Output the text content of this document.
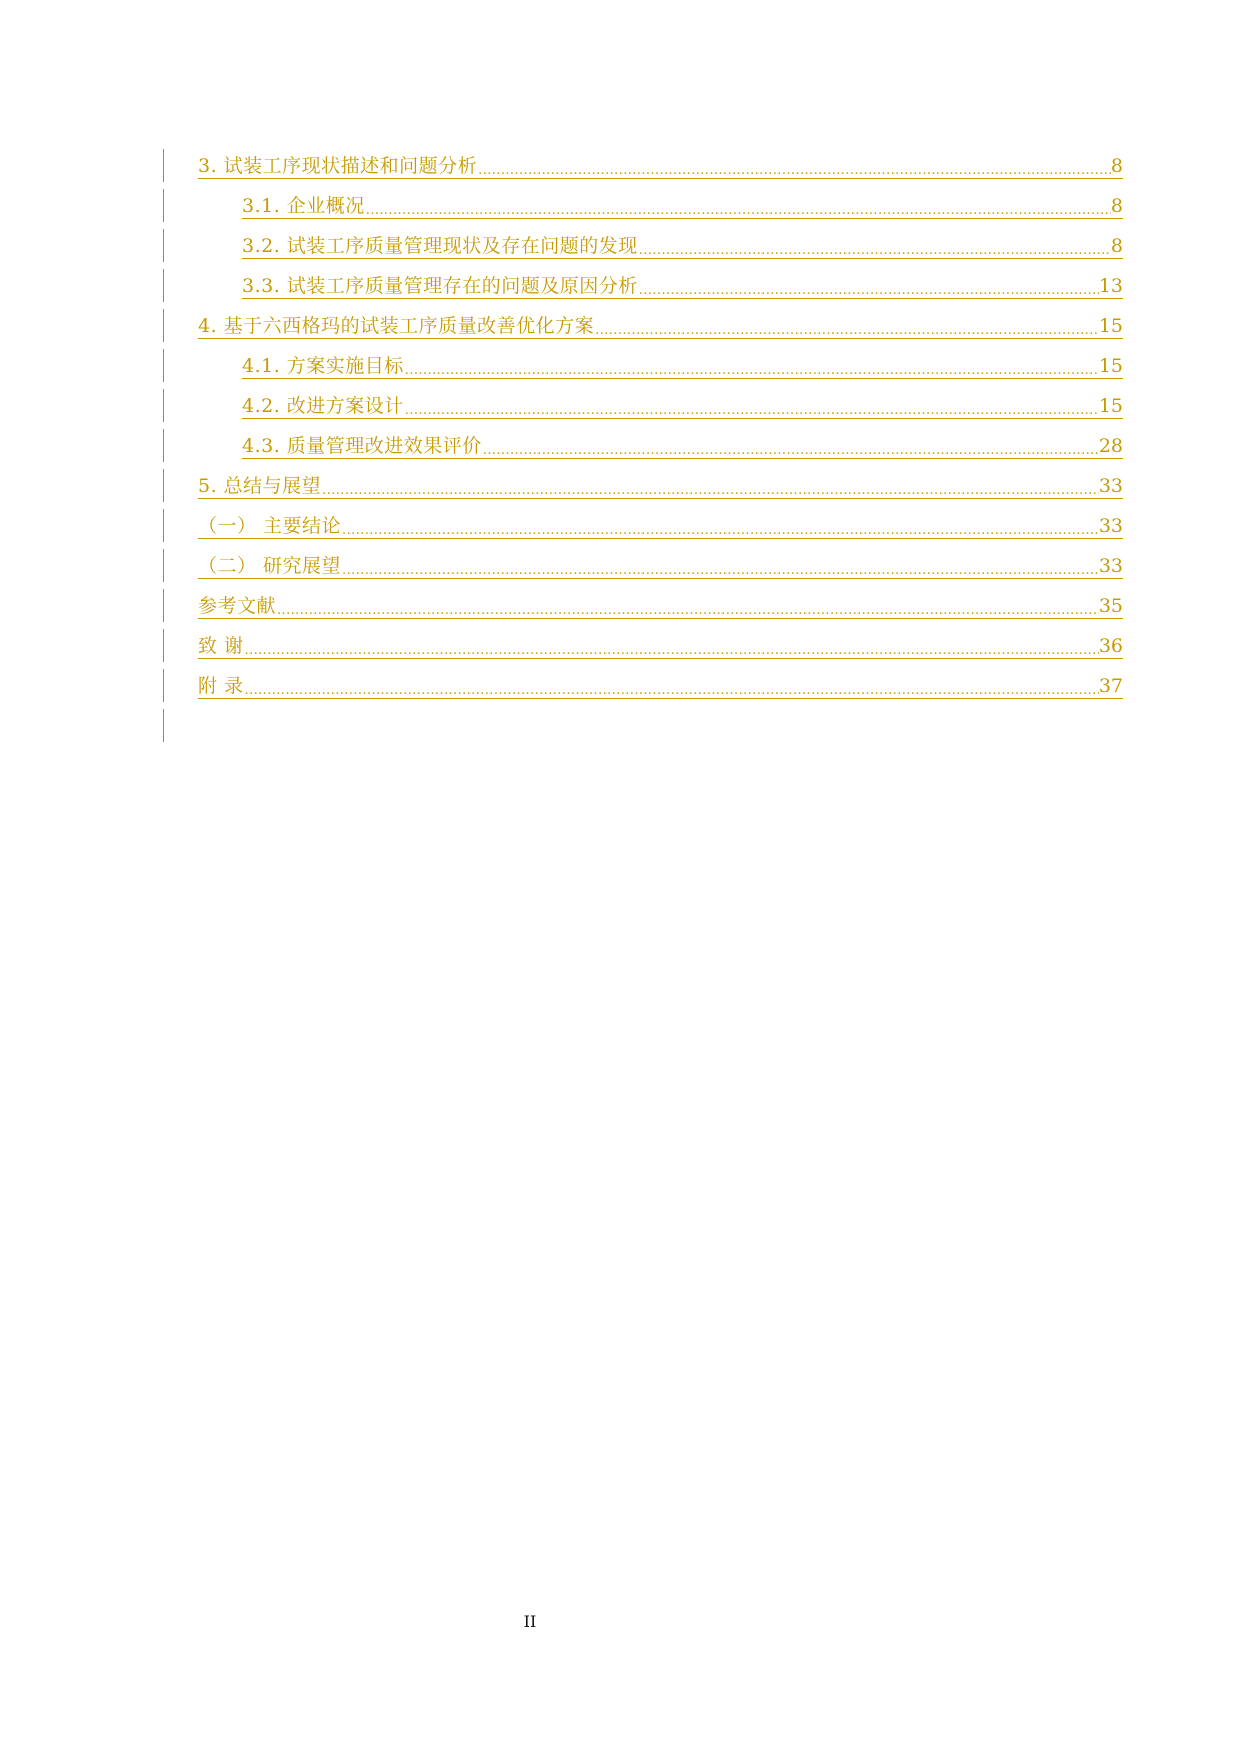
3. 试装工序现状描述和问题分析 .....	8
3.1. 企业概况 .....	8
3.2. 试装工序质量管理现状及存在问题的发现 .....	8
3.3. 试装工序质量管理存在的问题及原因分析 .....	13
4. 基于六西格玛的试装工序质量改善优化方案 .....	15
4.1. 方案实施目标 .....	15
4.2. 改进方案设计 .....	15
4.3. 质量管理改进效果评价 .....	28
5. 总结与展望 .....	33
（一） 主要结论 .....	33
（二） 研究展望 .....	33
参考文献 .....	35
致 谢 .....	36
附 录 .....	37
II
